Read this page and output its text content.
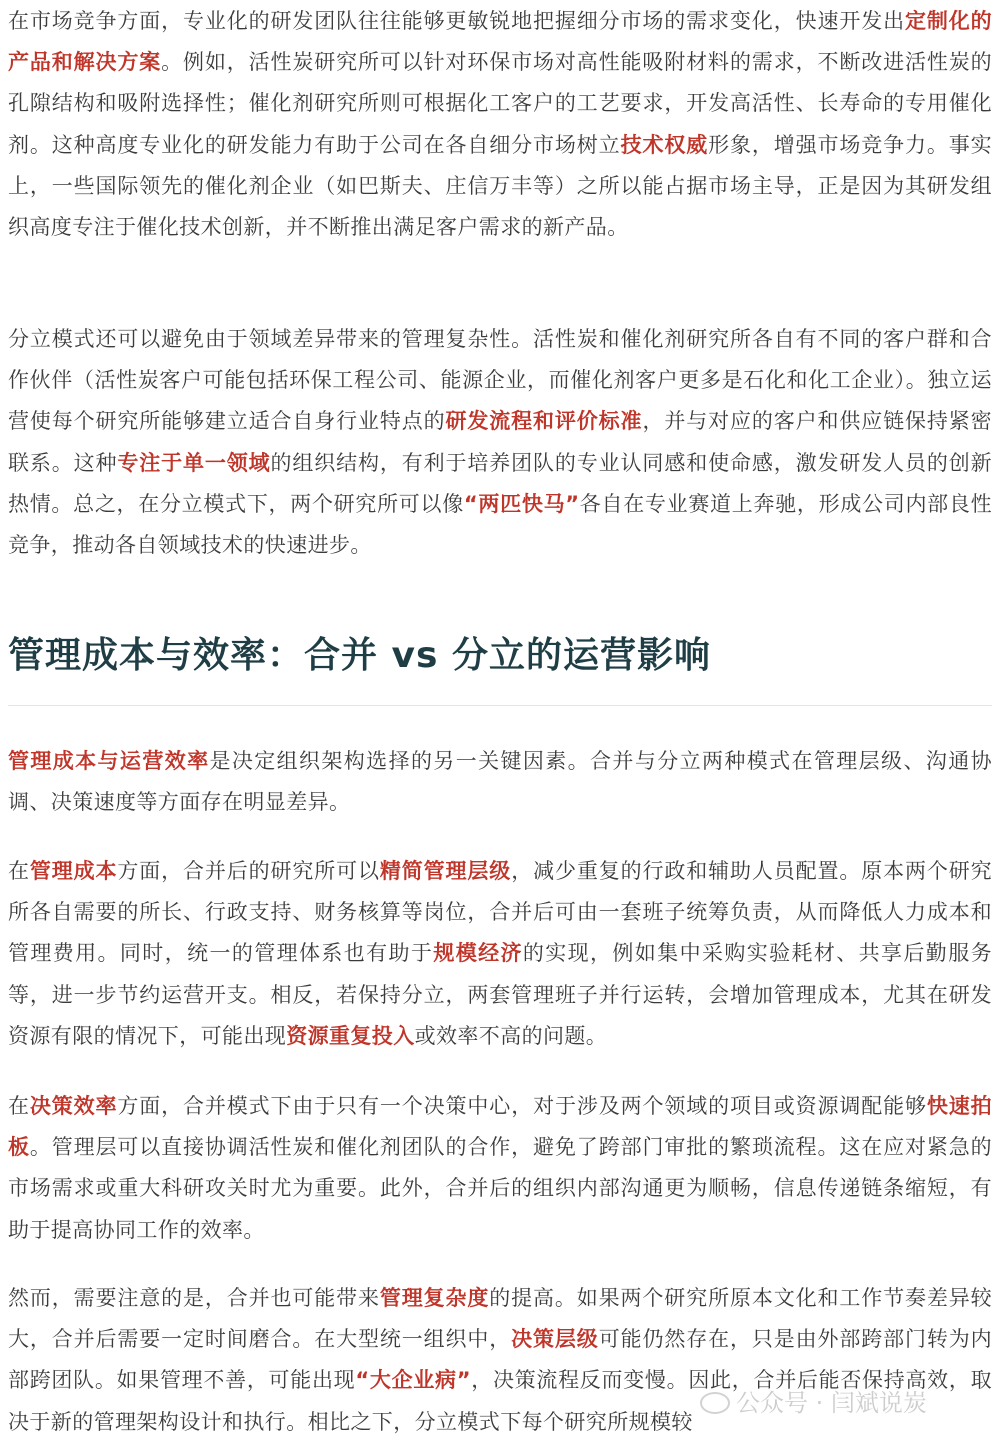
在市场竞争方面，专业化的研发团队往往能够更敏锐地把握细分市场的需求变化，快速开发出定制化的产品和解决方案。例如，活性炭研究所可以针对环保市场对高性能吸附材料的需求，不断改进活性炭的孔隙结构和吸附选择性；催化剂研究所则可根据化工客户的工艺要求，开发高活性、长寿命的专用催化剂。这种高度专业化的研发能力有助于公司在各自细分市场树立技术权威形象，增强市场竞争力。事实上，一些国际领先的催化剂企业（如巴斯夫、庄信万丰等）之所以能占据市场主导，正是因为其研发组织高度专注于催化技术创新，并不断推出满足客户需求的新产品。

分立模式还可以避免由于领域差异带来的管理复杂性。活性炭和催化剂研究所各自有不同的客户群和合作伙伴（活性炭客户可能包括环保工程公司、能源企业，而催化剂客户更多是石化和化工企业）。独立运营使每个研究所能够建立适合自身行业特点的研发流程和评价标准，并与对应的客户和供应链保持紧密联系。这种专注于单一领域的组织结构，有利于培养团队的专业认同感和使命感，激发研发人员的创新热情。总之，在分立模式下，两个研究所可以像“两匹快马”各自在专业赛道上奔驰，形成公司内部良性竞争，推动各自领域技术的快速进步。

管理成本与效率：合并 vs 分立的运营影响

管理成本与运营效率是决定组织架构选择的另一关键因素。合并与分立两种模式在管理层级、沟通协调、决策速度等方面存在明显差异。

在管理成本方面，合并后的研究所可以精简管理层级，减少重复的行政和辅助人员配置。原本两个研究所各自需要的所长、行政支持、财务核算等岗位，合并后可由一套班子统筹负责，从而降低人力成本和管理费用。同时，统一的管理体系也有助于规模经济的实现，例如集中采购实验耗材、共享后勤服务等，进一步节约运营开支。相反，若保持分立，两套管理班子并行运转，会增加管理成本，尤其在研发资源有限的情况下，可能出现资源重复投入或效率不高的问题。

在决策效率方面，合并模式下由于只有一个决策中心，对于涉及两个领域的项目或资源调配能够快速拍板。管理层可以直接协调活性炭和催化剂团队的合作，避免了跨部门审批的繁琐流程。这在应对紧急的市场需求或重大科研攻关时尤为重要。此外，合并后的组织内部沟通更为顺畅，信息传递链条缩短，有助于提高协同工作的效率。

然而，需要注意的是，合并也可能带来管理复杂度的提高。如果两个研究所原本文化和工作节奏差异较大，合并后需要一定时间磨合。在大型统一组织中，决策层级可能仍然存在，只是由外部跨部门转为内部跨团队。如果管理不善，可能出现“大企业病”，决策流程反而变慢。因此，合并后能否保持高效，取决于新的管理架构设计和执行。相比之下，分立模式下每个研究所规模较

公众号 · 闫斌说炭
